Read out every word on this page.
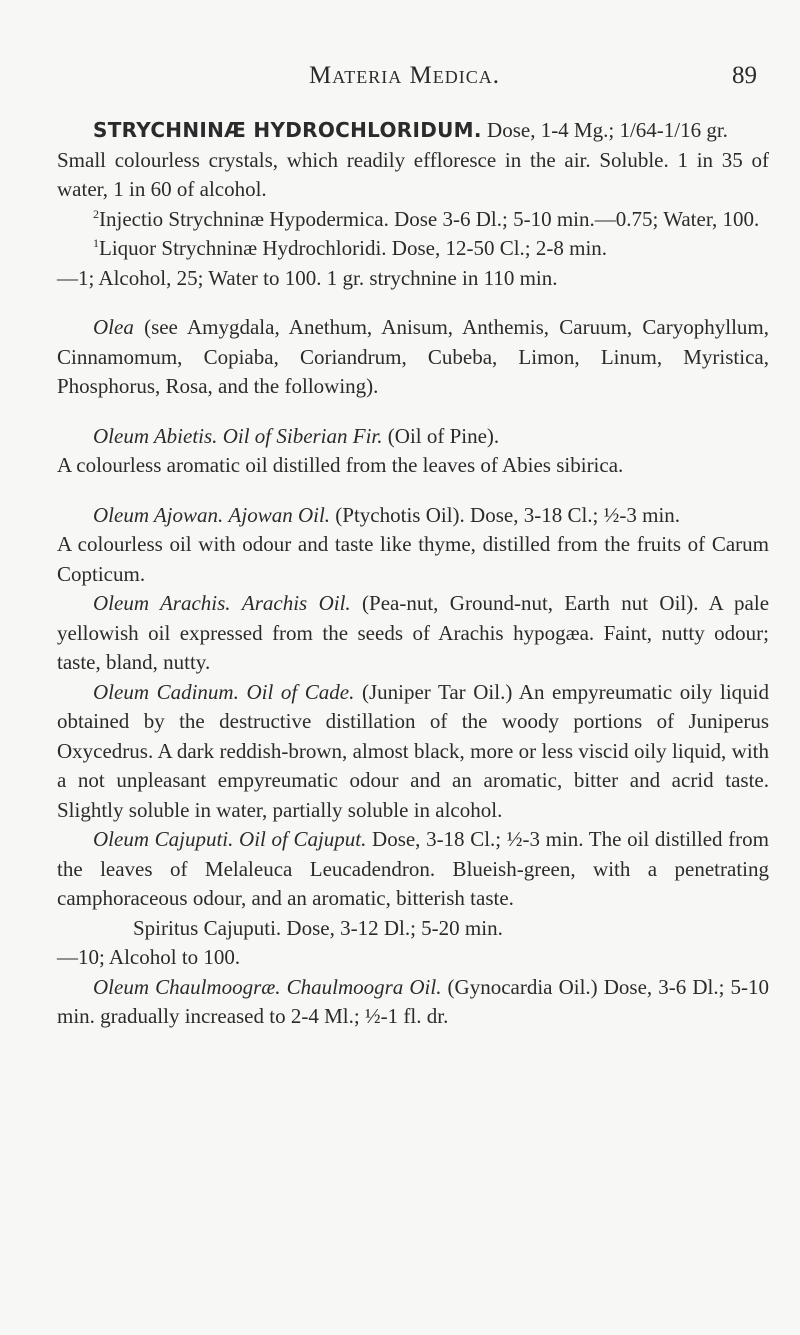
Materia Medica.	89

STRYCHNINÆ HYDROCHLORIDUM. Dose, 1-4 Mg.; 1/64-1/16 gr.

Small colourless crystals, which readily effloresce in the air. Soluble. 1 in 35 of water, 1 in 60 of alcohol.

$^2$Injectio Strychninæ Hypodermica. Dose 3-6 Dl.; 5-10 min.—0.75; Water, 100.

$^1$Liquor Strychninæ Hydrochloridi. Dose, 12-50 Cl.; 2-8 min.

—1; Alcohol, 25; Water to 100. 1 gr. strychnine in 110 min.

Olea (see Amygdala, Anethum, Anisum, Anthemis, Caruum, Caryophyllum, Cinnamomum, Copiaba, Coriandrum, Cubeba, Limon, Linum, Myristica, Phosphorus, Rosa, and the following).

Oleum Abietis. Oil of Siberian Fir. (Oil of Pine).

A colourless aromatic oil distilled from the leaves of Abies sibirica.

Oleum Ajowan. Ajowan Oil. (Ptychotis Oil). Dose, 3-18 Cl.; ½-3 min.

A colourless oil with odour and taste like thyme, distilled from the fruits of Carum Copticum.

Oleum Arachis. Arachis Oil. (Pea-nut, Ground-nut, Earth nut Oil). A pale yellowish oil expressed from the seeds of Arachis hypogæa. Faint, nutty odour; taste, bland, nutty.

Oleum Cadinum. Oil of Cade. (Juniper Tar Oil.) An empyreumatic oily liquid obtained by the destructive distillation of the woody portions of Juniperus Oxycedrus. A dark reddish-brown, almost black, more or less viscid oily liquid, with a not unpleasant empyreumatic odour and an aromatic, bitter and acrid taste. Slightly soluble in water, partially soluble in alcohol.

Oleum Cajuputi. Oil of Cajuput. Dose, 3-18 Cl.; ½-3 min. The oil distilled from the leaves of Melaleuca Leucadendron. Blueish-green, with a penetrating camphoraceous odour, and an aromatic, bitterish taste.

Spiritus Cajuputi. Dose, 3-12 Dl.; 5-20 min.

—10; Alcohol to 100.

Oleum Chaulmoogræ. Chaulmoogra Oil. (Gynocardia Oil.) Dose, 3-6 Dl.; 5-10 min. gradually increased to 2-4 Ml.; ½-1 fl. dr.
